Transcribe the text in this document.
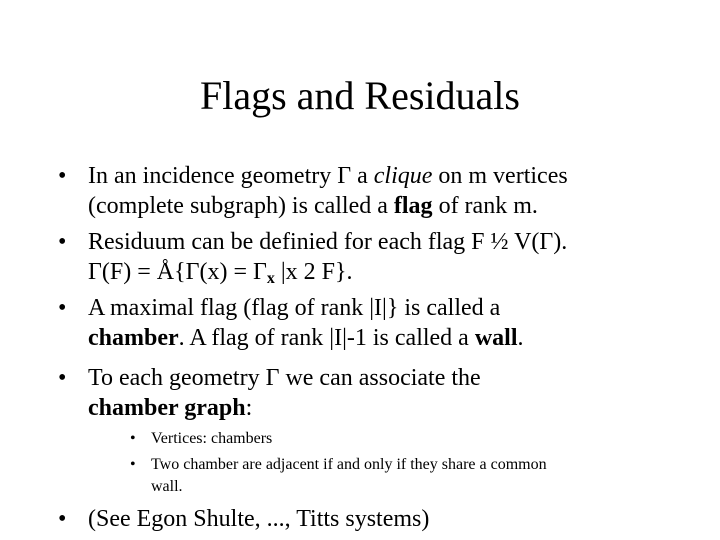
Flags and Residuals
• In an incidence geometry Γ a clique on m vertices
(complete subgraph) is called a flag of rank m.
• Residuum can be definied for each flag F ½ V(Γ).
Γ(F) = Å{Γ(x) = $\Gamma_x$ |x 2 F}.
• A maximal flag (flag of rank |I|} is called a
chamber. A flag of rank |I|-1 is called a wall.
• To each geometry Γ we can associate the
chamber graph:
• Vertices: chambers
• Two chamber are adjacent if and only if they share a common
wall.
• (See Egon Shulte, ..., Titts systems)
